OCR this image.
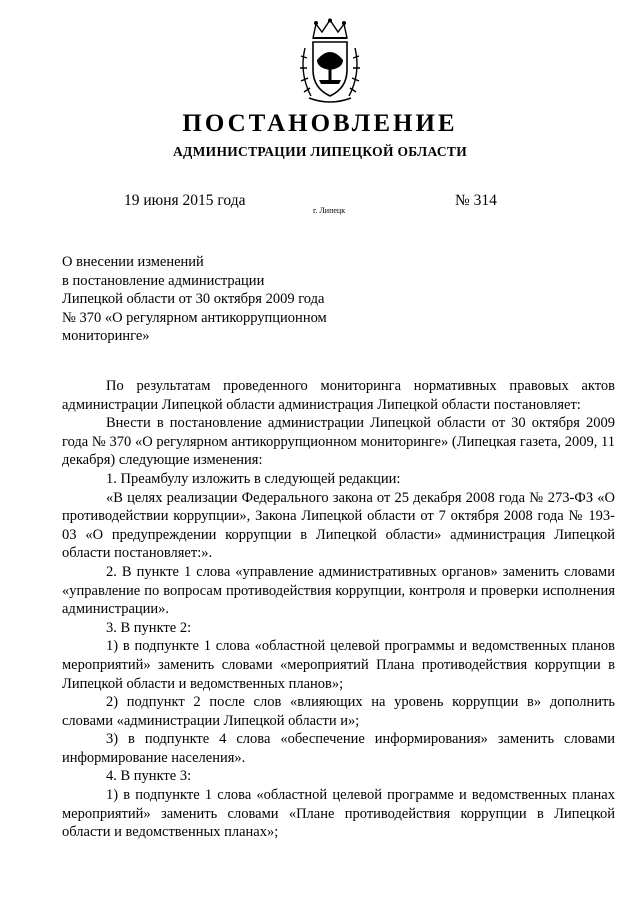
ПОСТАНОВЛЕНИЕ
АДМИНИСТРАЦИИ ЛИПЕЦКОЙ ОБЛАСТИ
19 июня 2015 года
г. Липецк
№ 314
О внесении изменений
в постановление администрации
Липецкой области от 30 октября 2009 года
№ 370 «О регулярном антикоррупционном
мониторинге»

По результатам проведенного мониторинга нормативных правовых актов администрации Липецкой области администрация Липецкой области постановляет:

Внести в постановление администрации Липецкой области от 30 октября 2009 года № 370 «О регулярном антикоррупционном мониторинге» (Липецкая газета, 2009, 11 декабря) следующие изменения:

1. Преамбулу изложить в следующей редакции:

«В целях реализации Федерального закона от 25 декабря 2008 года № 273-ФЗ «О противодействии коррупции», Закона Липецкой области от 7 октября 2008 года № 193-03 «О предупреждении коррупции в Липецкой области» администрация Липецкой области постановляет:».

2. В пункте 1 слова «управление административных органов» заменить словами «управление по вопросам противодействия коррупции, контроля и проверки исполнения администрации».

3. В пункте 2:

1) в подпункте 1 слова «областной целевой программы и ведомственных планов мероприятий» заменить словами «мероприятий Плана противодействия коррупции в Липецкой области и ведомственных планов»;

2) подпункт 2 после слов «влияющих на уровень коррупции в» дополнить словами «администрации Липецкой области и»;

3) в подпункте 4 слова «обеспечение информирования» заменить словами информирование населения».

4. В пункте 3:

1) в подпункте 1 слова «областной целевой программе и ведомственных планах мероприятий» заменить словами «Плане противодействия коррупции в Липецкой области и ведомственных планах»;
